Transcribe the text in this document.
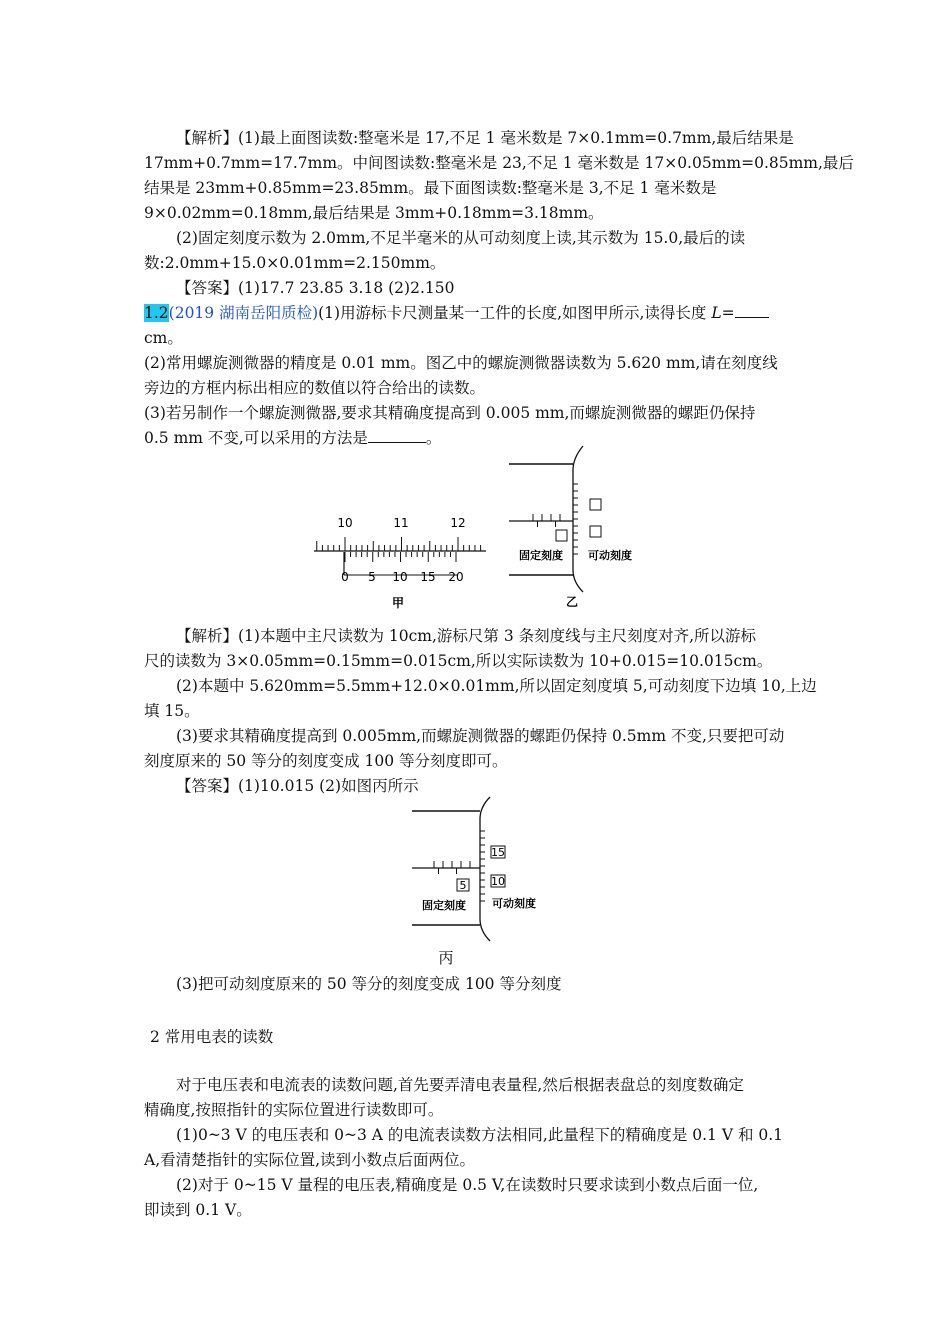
【解析】(1)最上面图读数:整毫米是 17,不足 1 毫米数是 7×0.1mm=0.7mm,最后结果是
17mm+0.7mm=17.7mm。中间图读数:整毫米是 23,不足 1 毫米数是 17×0.05mm=0.85mm,最后
结果是 23mm+0.85mm=23.85mm。最下面图读数:整毫米是 3,不足 1 毫米数是
9×0.02mm=0.18mm,最后结果是 3mm+0.18mm=3.18mm。
(2)固定刻度示数为 2.0mm,不足半毫米的从可动刻度上读,其示数为 15.0,最后的读
数:2.0mm+15.0×0.01mm=2.150mm。
【答案】(1)17.7 23.85 3.18 (2)2.150
1.2(2019 湖南岳阳质检)(1)用游标卡尺测量某一工件的长度,如图甲所示,读得长度 L=
cm。
(2)常用螺旋测微器的精度是 0.01 mm。图乙中的螺旋测微器读数为 5.620 mm,请在刻度线
旁边的方框内标出相应的数值以符合给出的读数。
(3)若另制作一个螺旋测微器,要求其精确度提高到 0.005 mm,而螺旋测微器的螺距仍保持
0.5 mm 不变,可以采用的方法是	。
10	11	12
0 5 10 15 20
甲
固定刻度 可动刻度
乙
【解析】(1)本题中主尺读数为 10cm,游标尺第 3 条刻度线与主尺刻度对齐,所以游标
尺的读数为 3×0.05mm=0.15mm=0.015cm,所以实际读数为 10+0.015=10.015cm。
(2)本题中 5.620mm=5.5mm+12.0×0.01mm,所以固定刻度填 5,可动刻度下边填 10,上边
填 15。
(3)要求其精确度提高到 0.005mm,而螺旋测微器的螺距仍保持 0.5mm 不变,只要把可动
刻度原来的 50 等分的刻度变成 100 等分刻度即可。
【答案】(1)10.015 (2)如图丙所示
15
10
5
固定刻度 可动刻度
丙
(3)把可动刻度原来的 50 等分的刻度变成 100 等分刻度
2 常用电表的读数
对于电压表和电流表的读数问题,首先要弄清电表量程,然后根据表盘总的刻度数确定
精确度,按照指针的实际位置进行读数即可。
(1)0~3 V 的电压表和 0~3 A 的电流表读数方法相同,此量程下的精确度是 0.1 V 和 0.1
A,看清楚指针的实际位置,读到小数点后面两位。
(2)对于 0~15 V 量程的电压表,精确度是 0.5 V,在读数时只要求读到小数点后面一位,
即读到 0.1 V。
